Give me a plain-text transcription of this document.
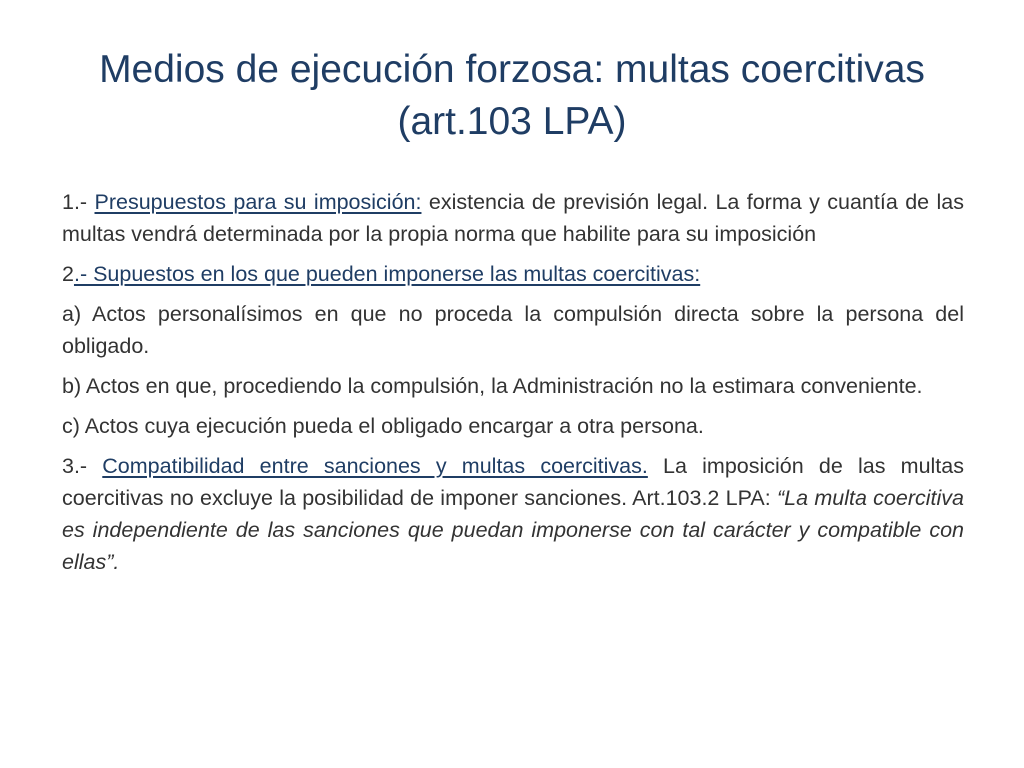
Medios de ejecución forzosa: multas coercitivas (art.103 LPA)

1.- Presupuestos para su imposición: existencia de previsión legal. La forma y cuantía de las multas vendrá determinada por la propia norma que habilite para su imposición

2.- Supuestos en los que pueden imponerse las multas coercitivas:

a) Actos personalísimos en que no proceda la compulsión directa sobre la persona del obligado.

b) Actos en que, procediendo la compulsión, la Administración no la estimara conveniente.

c) Actos cuya ejecución pueda el obligado encargar a otra persona.

3.- Compatibilidad entre sanciones y multas coercitivas. La imposición de las multas coercitivas no excluye la posibilidad de imponer sanciones. Art.103.2 LPA: “La multa coercitiva es independiente de las sanciones que puedan imponerse con tal carácter y compatible con ellas”.
